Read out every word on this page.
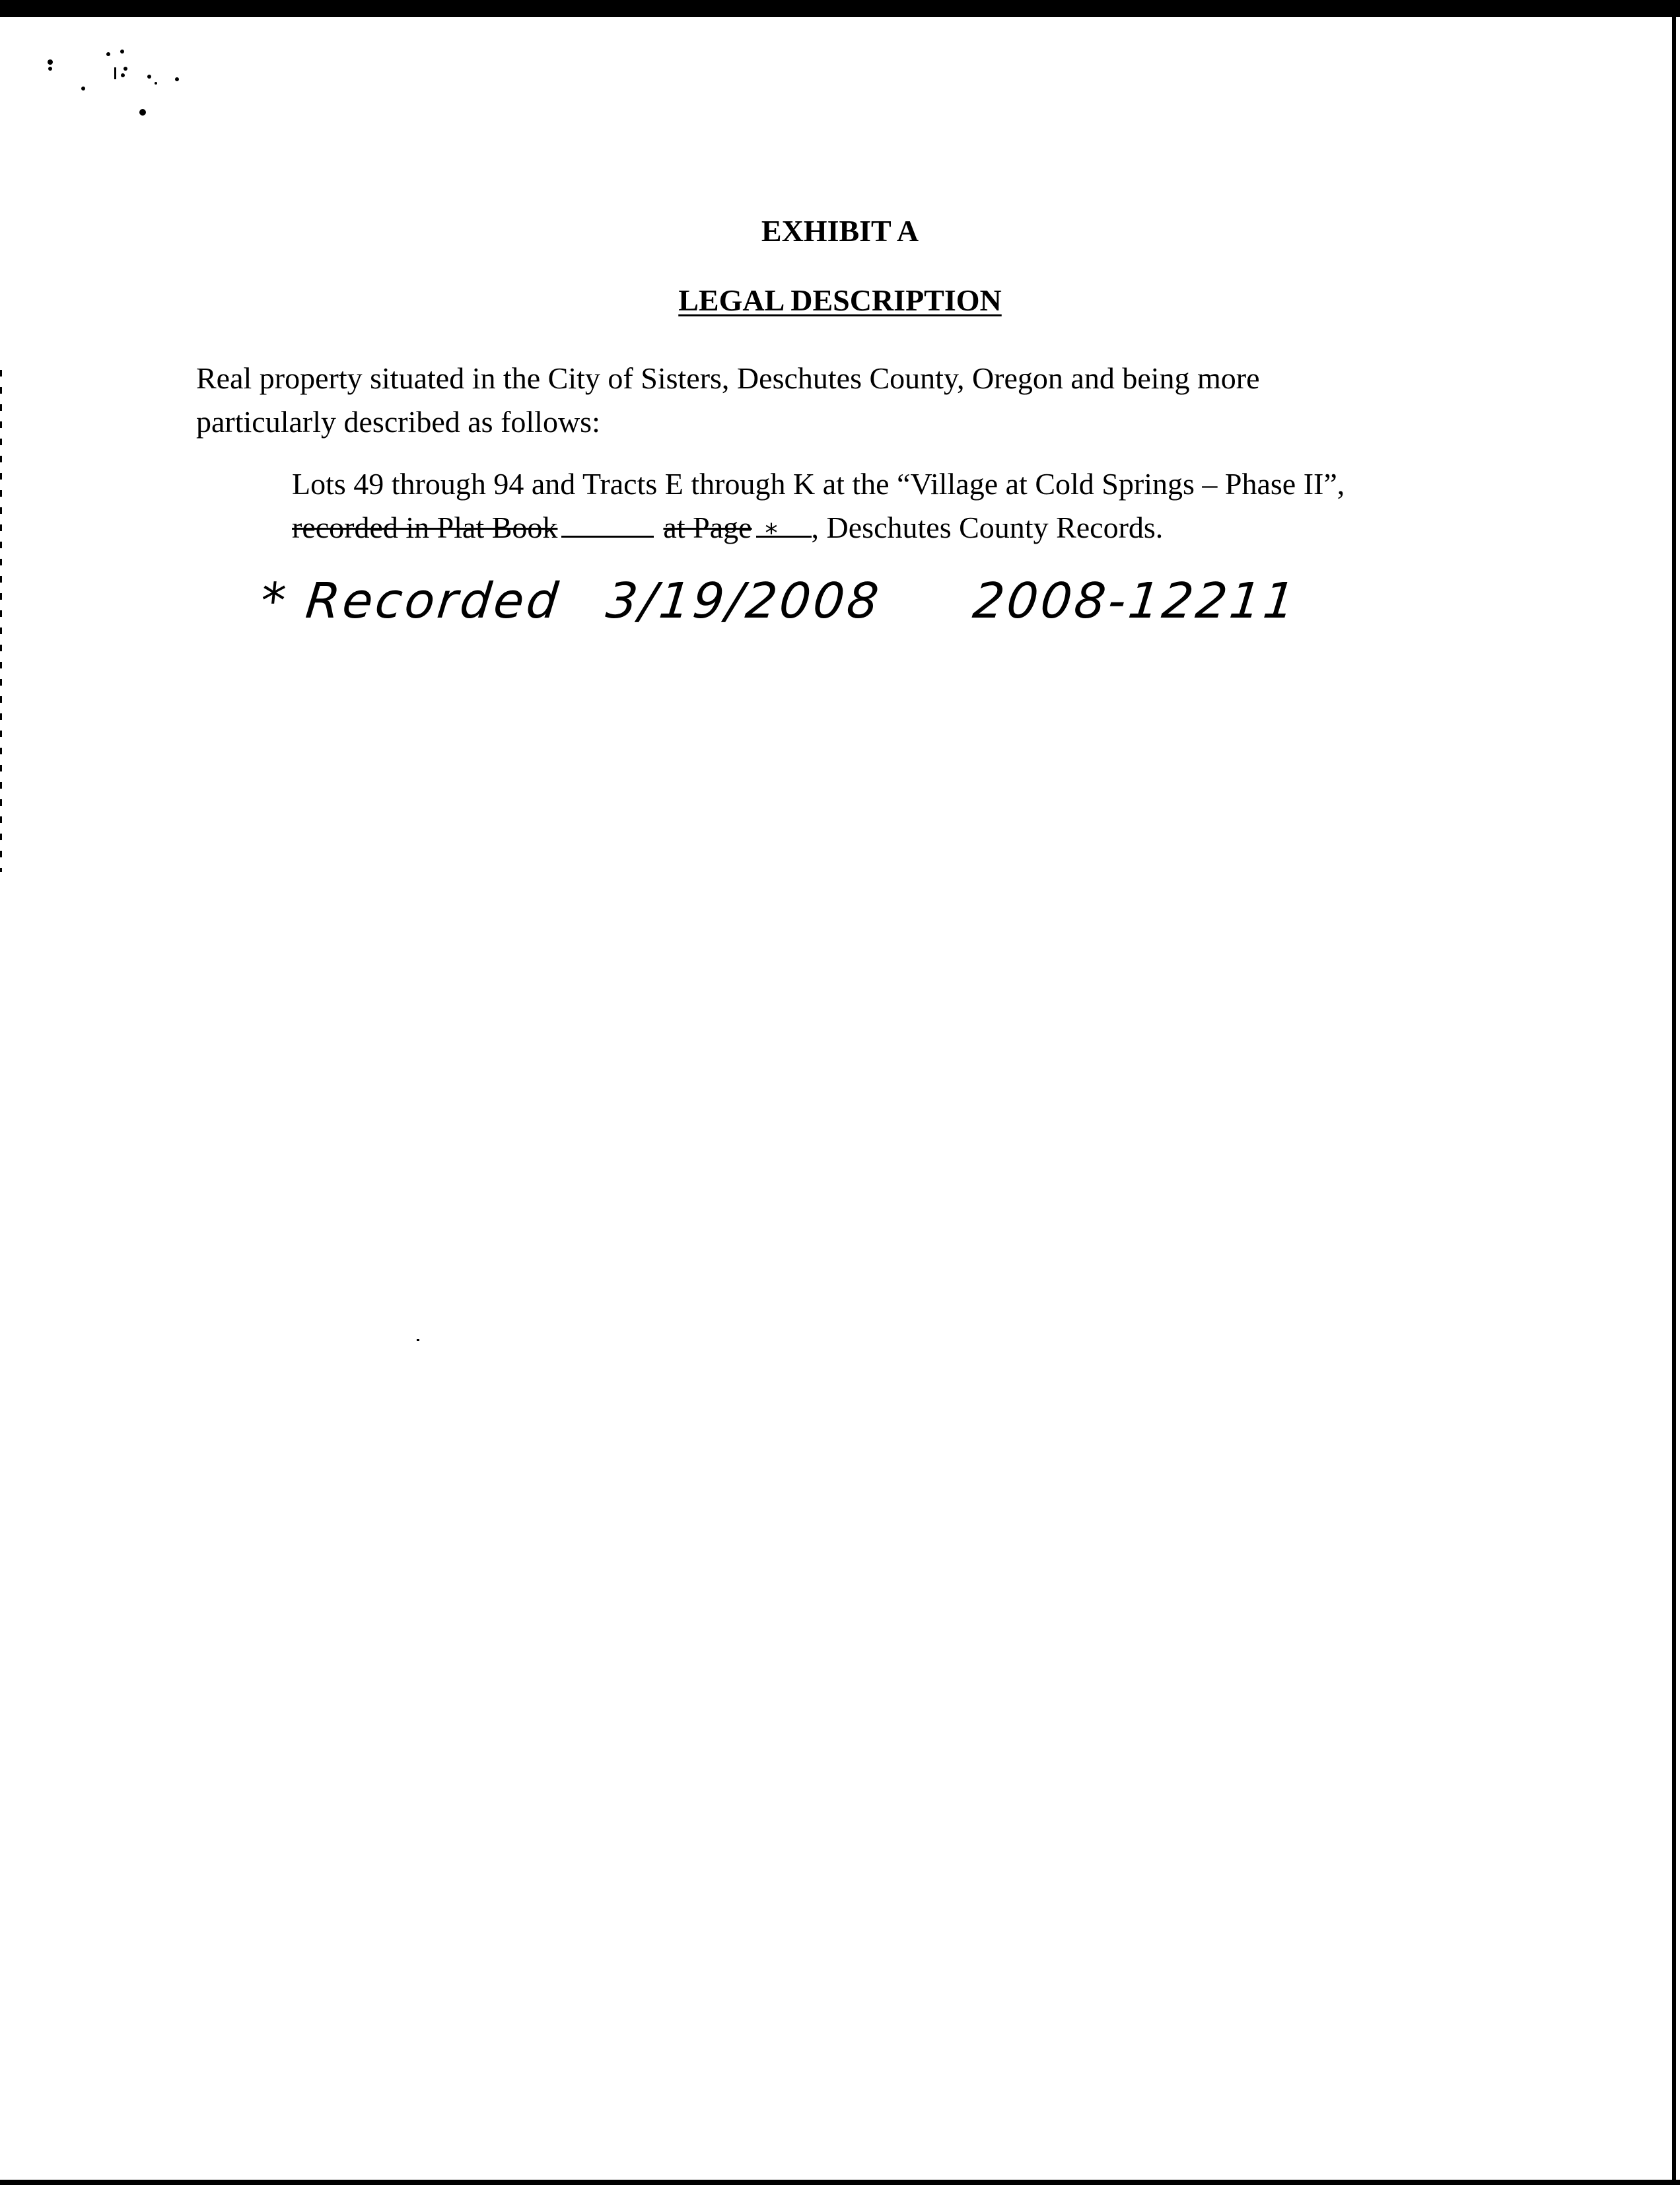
EXHIBIT A
LEGAL DESCRIPTION

Real property situated in the City of Sisters, Deschutes County, Oregon and being more
particularly described as follows:

Lots 49 through 94 and Tracts E through K at the “Village at Cold Springs – Phase II”,
recorded in Plat Book	at Page * , Deschutes County Records.

* Recorded 3/19/2008 2008-12211
